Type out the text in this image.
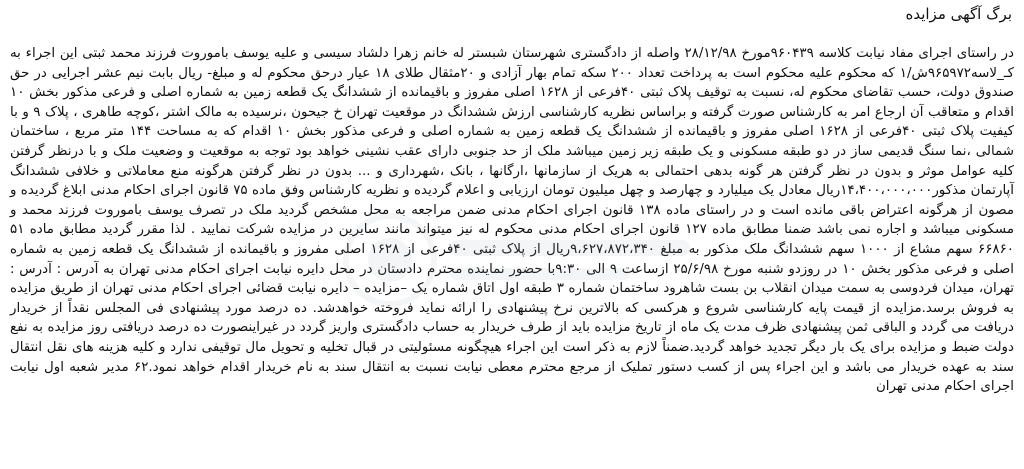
برگ آگهی مزایده

در راستای اجرای مفاد نیابت کلاسه ۹۶۰۴۳۹مورخ ۲۸/۱۲/۹۸ واصله از دادگستری شهرستان شبستر له خانم زهرا دلشاد سیسی و علیه یوسف باموروت فرزند محمد ثبتی این اجراء به کـ_لاسه۹۶۵۹۷۲ش/۱ که محکوم علیه محکوم است به پرداخت تعداد ۲۰۰ سکه تمام بهار آزادی و ۲۰مثقال طلای ۱۸ عیار درحق محکوم له و مبلغ- ریال بابت نیم عشر اجرایی در حق صندوق دولت، حسب تقاضای محکوم له، نسبت به توقیف پلاک ثبتی ۴۰فرعی از ۱۶۲۸ اصلی مفروز و باقیمانده از ششدانگ یک قطعه زمین به شماره اصلی و فرعی مذکور بخش ۱۰ اقدام و متعاقب آن ارجاع امر به کارشناس صورت گرفته و براساس نظریه کارشناسی ارزش ششدانگ در موقعیت تهران خ جیحون ،نرسیده به مالک اشتر ،کوچه طاهری ، پلاک ۹ و با کیفیت پلاک ثبتی ۴۰فرعی از ۱۶۲۸ اصلی مفروز و باقیمانده از ششدانگ یک قطعه زمین به شماره اصلی و فرعی مذکور بخش ۱۰ اقدام که به مساحت ۱۴۴ متر مربع ، ساختمان شمالی ،نما سنگ قدیمی ساز در دو طبقه مسکونی و یک طبقه زیر زمین میباشد ملک از حد جنوبی دارای عقب نشینی خواهد بود توجه به موقعیت و وضعیت ملک و با درنظر گرفتن کلیه عوامل موثر و بدون در نظر گرفتن هر گونه بدهی احتمالی به هریک از سازمانها ،ارگانها ، بانک ،شهرداری و ... بدون در نظر گرفتن هرگونه منع معاملاتی و خلافی ششدانگ آپارتمان مذکور۱۴،۴۰۰،۰۰۰،۰۰۰ریال معادل یک میلیارد و چهارصد و چهل میلیون تومان ارزیابی و اعلام گردیده و نظریه کارشناس وفق ماده ۷۵ قانون اجرای احکام مدنی ابلاغ گردیده و مصون از هرگونه اعتراض باقی مانده است و در راستای ماده ۱۳۸ قانون اجرای احکام مدنی ضمن مراجعه به محل مشخص گردید ملک در تصرف یوسف باموروت فرزند محمد و مسکونی میباشد و اجاره نمی باشد ضمنا مطابق ماده ۱۲۷ قانون اجرای احکام مدنی محکوم له نیز میتواند مانند سایرین در مزایده شرکت نمایید . لذا مقرر گردید مطابق ماده ۵۱ ۶۶۸۶۰ سهم مشاع از ۱۰۰۰ سهم ششدانگ ملک مذکور به مبلغ ۹،۶۲۷،۸۷۲،۳۴۰ریال از پلاک ثبتی ۴۰فرعی از ۱۶۲۸ اصلی مفروز و باقیمانده از ششدانگ یک قطعه زمین به شماره اصلی و فرعی مذکور بخش ۱۰ در روزدو شنبه مورخ ۲۵/۶/۹۸ ازساعت ۹ الی ۹:۳۰با حضور نماینده محترم دادستان در محل دایره نیابت اجرای احکام مدنی تهران به آدرس : آدرس : تهران، میدان فردوسی به سمت میدان انقلاب بن بست شاهرود ساختمان شماره ۳ طبقه اول اتاق شماره یک –مزایده – دایره نیابت قضائی اجرای احکام مدنی تهران از طریق مزایده به فروش برسد.مزایده از قیمت پایه کارشناسی شروع و هرکسی که بالاترین نرخ پیشنهادی را ارائه نماید فروخته خواهدشد. ده درصد مورد پیشنهادی فی المجلس نقداً از خریدار دریافت می گردد و الباقی ثمن پیشنهادی ظرف مدت یک ماه از تاریخ مزایده باید از طرف خریدار به حساب دادگستری واریز گردد در غیراینصورت ده درصد دریافتی روز مزایده به نفع دولت ضبط و مزایده برای یک بار دیگر تجدید خواهد گردید.ضمناً لازم به ذکر است این اجراء هیچگونه مسئولیتی در قبال تخلیه و تحویل مال توقیفی ندارد و کلیه هزینه های نقل انتقال سند به عهده خریدار می باشد و این اجراء پس از کسب دستور تملیک از مرجع محترم معطی نیابت نسبت به انتقال سند به نام خریدار اقدام خواهد نمود.۶۲ مدیر شعبه اول نیابت اجرای احکام مدنی تهران
